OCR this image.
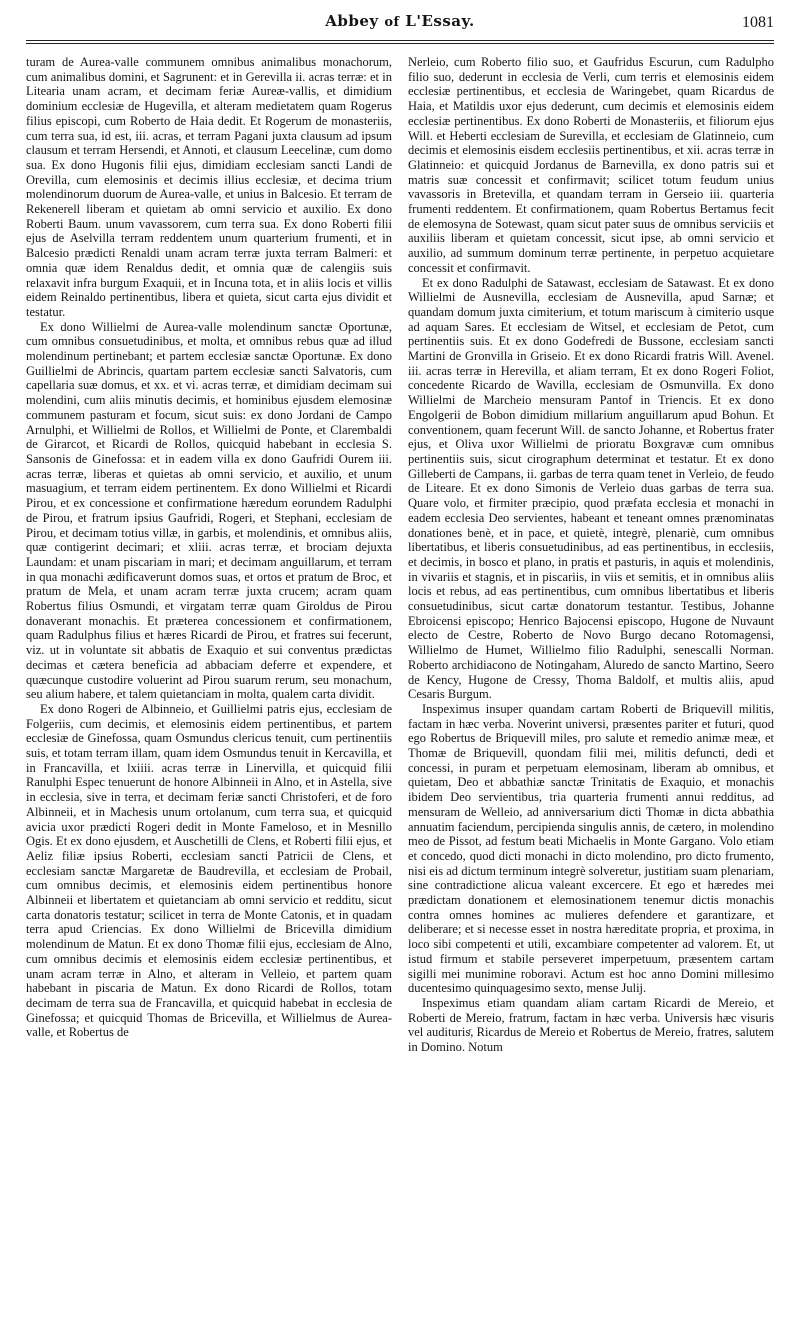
Abbey of L'Essay.	1081

turam de Aurea-valle communem omnibus animalibus monachorum, cum animalibus domini, et Sagrunent: et in Gerevilla ii. acras terræ: et in Litearia unam acram, et decimam feriæ Aureæ-vallis, et dimidium dominium ecclesiæ de Hugevilla, et alteram medietatem quam Rogerus filius episcopi, cum Roberto de Haia dedit. Et Rogerum de monasteriis, cum terra sua, id est, iii. acras, et terram Pagani juxta clausum ad ipsum clausum et terram Hersendi, et Annoti, et clausum Leecelinæ, cum domo sua. Ex dono Hugonis filii ejus, dimidiam ecclesiam sancti Landi de Orevilla, cum elemosinis et decimis illius ecclesiæ, et decima trium molendinorum duorum de Aurea-valle, et unius in Balcesio. Et terram de Rekenerell liberam et quietam ab omni servicio et auxilio. Ex dono Roberti Baum. unum vavassorem, cum terra sua. Ex dono Roberti filii ejus de Aselvilla terram reddentem unum quarterium frumenti, et in Balcesio prædicti Renaldi unam acram terræ juxta terram Balmeri: et omnia quæ idem Renaldus dedit, et omnia quæ de calengiis suis relaxavit infra burgum Exaquii, et in Incuna tota, et in aliis locis et villis eidem Reinaldo pertinentibus, libera et quieta, sicut carta ejus dividit et testatur.

Ex dono Willielmi de Aurea-valle molendinum sanctæ Oportunæ, cum omnibus consuetudinibus, et molta, et omnibus rebus quæ ad illud molendinum pertinebant; et partem ecclesiæ sanctæ Oportunæ. Ex dono Guillielmi de Abrincis, quartam partem ecclesiæ sancti Salvatoris, cum capellaria suæ domus, et xx. et vi. acras terræ, et dimidiam decimam sui molendini, cum aliis minutis decimis, et hominibus ejusdem elemosinæ communem pasturam et focum, sicut suis: ex dono Jordani de Campo Arnulphi, et Willielmi de Rollos, et Willielmi de Ponte, et Clarembaldi de Girarcot, et Ricardi de Rollos, quicquid habebant in ecclesia S. Sansonis de Ginefossa: et in eadem villa ex dono Gaufridi Ourem iii. acras terræ, liberas et quietas ab omni servicio, et auxilio, et unum masuagium, et terram eidem pertinentem. Ex dono Willielmi et Ricardi Pirou, et ex concessione et confirmatione hæredum eorundem Radulphi de Pirou, et fratrum ipsius Gaufridi, Rogeri, et Stephani, ecclesiam de Pirou, et decimam totius villæ, in garbis, et molendinis, et omnibus aliis, quæ contigerint decimari; et xliii. acras terræ, et brociam dejuxta Laundam: et unam piscariam in mari; et decimam anguillarum, et terram in qua monachi ædificaverunt domos suas, et ortos et pratum de Broc, et pratum de Mela, et unam acram terræ juxta crucem; acram quam Robertus filius Osmundi, et virgatam terræ quam Giroldus de Pirou donaverant monachis. Et præterea concessionem et confirmationem, quam Radulphus filius et hæres Ricardi de Pirou, et fratres sui fecerunt, viz. ut in voluntate sit abbatis de Exaquio et sui conventus prædictas decimas et cætera beneficia ad abbaciam deferre et expendere, et quæcunque custodire voluerint ad Pirou suarum rerum, seu monachum, seu alium habere, et talem quietanciam in molta, qualem carta dividit.

Ex dono Rogeri de Albinneio, et Guillielmi patris ejus, ecclesiam de Folgeriis, cum decimis, et elemosinis eidem pertinentibus, et partem ecclesiæ de Ginefossa, quam Osmundus clericus tenuit, cum pertinentiis suis, et totam terram illam, quam idem Osmundus tenuit in Kercavilla, et in Francavilla, et lxiiii. acras terræ in Linervilla, et quicquid filii Ranulphi Espec tenuerunt de honore Albinneii in Alno, et in Astella, sive in ecclesia, sive in terra, et decimam feriæ sancti Christoferi, et de foro Albinneii, et in Machesis unum ortolanum, cum terra sua, et quicquid avicia uxor prædicti Rogeri dedit in Monte Fameloso, et in Mesnillo Ogis. Et ex dono ejusdem, et Auschetilli de Clens, et Roberti filii ejus, et Aeliz filiæ ipsius Roberti, ecclesiam sancti Patricii de Clens, et ecclesiam sanctæ Margaretæ de Baudrevilla, et ecclesiam de Probail, cum omnibus decimis, et elemosinis eidem pertinentibus honore Albinneii et libertatem et quietanciam ab omni servicio et redditu, sicut carta donatoris testatur; scilicet in terra de Monte Catonis, et in quadam terra apud Criencias. Ex dono Willielmi de Bricevilla dimidium molendinum de Matun. Et ex dono Thomæ filii ejus, ecclesiam de Alno, cum omnibus decimis et elemosinis eidem ecclesiæ pertinentibus, et unam acram terræ in Alno, et alteram in Velleio, et partem quam habebant in piscaria de Matun. Ex dono Ricardi de Rollos, totam decimam de terra sua de Francavilla, et quicquid habebat in ecclesia de Ginefossa; et quicquid Thomas de Bricevilla, et Willielmus de Aurea-valle, et Robertus de

Nerleio, cum Roberto filio suo, et Gaufridus Escurun, cum Radulpho filio suo, dederunt in ecclesia de Verli, cum terris et elemosinis eidem ecclesiæ pertinentibus, et ecclesia de Waringebet, quam Ricardus de Haia, et Matildis uxor ejus dederunt, cum decimis et elemosinis eidem ecclesiæ pertinentibus. Ex dono Roberti de Monasteriis, et filiorum ejus Will. et Heberti ecclesiam de Surevilla, et ecclesiam de Glatinneio, cum decimis et elemosinis eisdem ecclesiis pertinentibus, et xii. acras terræ in Glatinneio: et quicquid Jordanus de Barnevilla, ex dono patris sui et matris suæ concessit et confirmavit; scilicet totum feudum unius vavassoris in Bretevilla, et quandam terram in Gerseio iii. quarteria frumenti reddentem. Et confirmationem, quam Robertus Bertamus fecit de elemosyna de Sotewast, quam sicut pater suus de omnibus serviciis et auxiliis liberam et quietam concessit, sicut ipse, ab omni servicio et auxilio, ad summum dominum terræ pertinente, in perpetuo acquietare concessit et confirmavit.

Et ex dono Radulphi de Satawast, ecclesiam de Satawast. Et ex dono Willielmi de Ausnevilla, ecclesiam de Ausnevilla, apud Sarnæ; et quandam domum juxta cimiterium, et totum mariscum à cimiterio usque ad aquam Sares. Et ecclesiam de Witsel, et ecclesiam de Petot, cum pertinentiis suis. Et ex dono Godefredi de Bussone, ecclesiam sancti Martini de Gronvilla in Griseio. Et ex dono Ricardi fratris Will. Avenel. iii. acras terræ in Herevilla, et aliam terram, Et ex dono Rogeri Foliot, concedente Ricardo de Wavilla, ecclesiam de Osmunvilla. Ex dono Willielmi de Marcheio mensuram Pantof in Triencis. Et ex dono Engolgerii de Bobon dimidium millarium anguillarum apud Bohun. Et conventionem, quam fecerunt Will. de sancto Johanne, et Robertus frater ejus, et Oliva uxor Willielmi de prioratu Boxgravæ cum omnibus pertinentiis suis, sicut cirographum determinat et testatur. Et ex dono Gilleberti de Campans, ii. garbas de terra quam tenet in Verleio, de feudo de Liteare. Et ex dono Simonis de Verleio duas garbas de terra sua. Quare volo, et firmiter præcipio, quod præfata ecclesia et monachi in eadem ecclesia Deo servientes, habeant et teneant omnes prænominatas donationes benè, et in pace, et quietè, integrè, plenariè, cum omnibus libertatibus, et liberis consuetudinibus, ad eas pertinentibus, in ecclesiis, et decimis, in bosco et plano, in pratis et pasturis, in aquis et molendinis, in vivariis et stagnis, et in piscariis, in viis et semitis, et in omnibus aliis locis et rebus, ad eas pertinentibus, cum omnibus libertatibus et liberis consuetudinibus, sicut cartæ donatorum testantur. Testibus, Johanne Ebroicensi episcopo; Henrico Bajocensi episcopo, Hugone de Nuvaunt electo de Cestre, Roberto de Novo Burgo decano Rotomagensi, Willielmo de Humet, Willielmo filio Radulphi, senescalli Norman. Roberto archidiacono de Notingaham, Aluredo de sancto Martino, Seero de Kency, Hugone de Cressy, Thoma Baldolf, et multis aliis, apud Cesaris Burgum.

Inspeximus insuper quandam cartam Roberti de Briquevill militis, factam in hæc verba. Noverint universi, præsentes pariter et futuri, quod ego Robertus de Briquevill miles, pro salute et remedio animæ meæ, et Thomæ de Briquevill, quondam filii mei, militis defuncti, dedi et concessi, in puram et perpetuam elemosinam, liberam ab omnibus, et quietam, Deo et abbathiæ sanctæ Trinitatis de Exaquio, et monachis ibidem Deo servientibus, tria quarteria frumenti annui redditus, ad mensuram de Welleio, ad anniversarium dicti Thomæ in dicta abbathia annuatim faciendum, percipienda singulis annis, de cætero, in molendino meo de Pissot, ad festum beati Michaelis in Monte Gargano. Volo etiam et concedo, quod dicti monachi in dicto molendino, pro dicto frumento, nisi eis ad dictum terminum integrè solveretur, justitiam suam plenariam, sine contradictione alicua valeant excercere. Et ego et hæredes mei prædictam donationem et elemosinationem tenemur dictis monachis contra omnes homines ac mulieres defendere et garantizare, et deliberare; et si necesse esset in nostra hæreditate propria, et proxima, in loco sibi competenti et utili, excambiare competenter ad valorem. Et, ut istud firmum et stabile perseveret imperpetuum, præsentem cartam sigilli mei munimine roboravi. Actum est hoc anno Domini millesimo ducentesimo quinquagesimo sexto, mense Julij.

Inspeximus etiam quandam aliam cartam Ricardi de Mereio, et Roberti de Mereio, fratrum, factam in hæc verba. Universis hæc visuris vel auditurisͬ, Ricardus de Mereio et Robertus de Mereio, fratres, salutem in Domino. Notum
